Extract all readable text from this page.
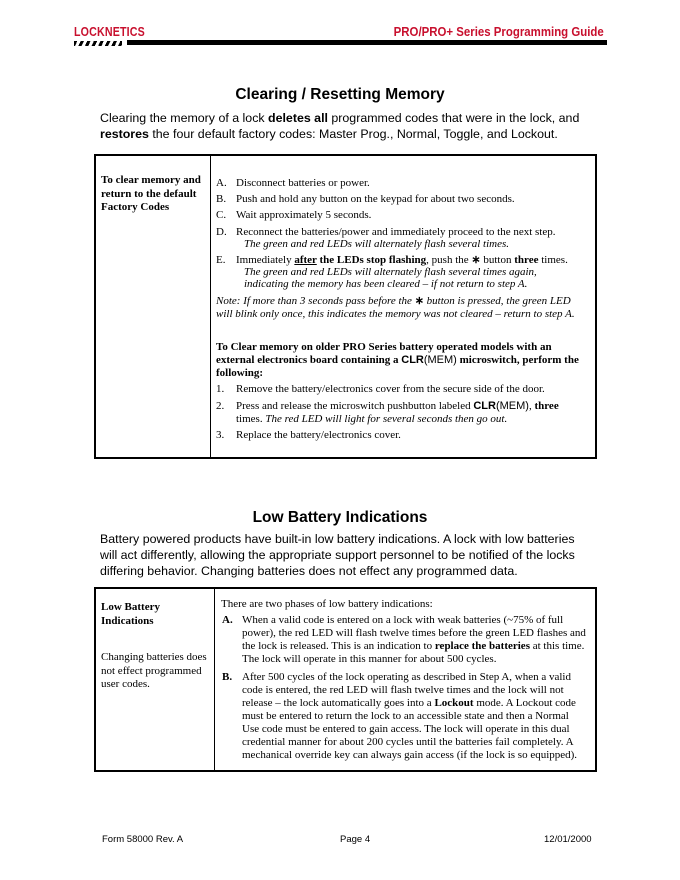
LOCKNETICS	PRO/PRO+ Series Programming Guide
Clearing / Resetting Memory
Clearing the memory of a lock deletes all programmed codes that were in the lock, and
restores the four default factory codes: Master Prog., Normal, Toggle, and Lockout.
To clear memory and
return to the default
Factory Codes
A. Disconnect batteries or power.
B. Push and hold any button on the keypad for about two seconds.
C. Wait approximately 5 seconds.
D. Reconnect the batteries/power and immediately proceed to the next step.
The green and red LEDs will alternately flash several times.
E. Immediately after the LEDs stop flashing, push the ∗ button three times.
The green and red LEDs will alternately flash several times again,
indicating the memory has been cleared – if not return to step A.
Note: If more than 3 seconds pass before the ∗ button is pressed, the green LED
will blink only once, this indicates the memory was not cleared – return to step A.
To Clear memory on older PRO Series battery operated models with an
external electronics board containing a CLR(MEM) microswitch, perform the
following:
1. Remove the battery/electronics cover from the secure side of the door.
2. Press and release the microswitch pushbutton labeled CLR(MEM), three
times. The red LED will light for several seconds then go out.
3. Replace the battery/electronics cover.
Low Battery Indications
Battery powered products have built-in low battery indications. A lock with low batteries
will act differently, allowing the appropriate support personnel to be notified of the locks
differing behavior. Changing batteries does not effect any programmed data.
Low Battery
Indications
Changing batteries does
not effect programmed
user codes.
There are two phases of low battery indications:
A. When a valid code is entered on a lock with weak batteries (~75% of full
power), the red LED will flash twelve times before the green LED flashes and
the lock is released. This is an indication to replace the batteries at this time.
The lock will operate in this manner for about 500 cycles.
B. After 500 cycles of the lock operating as described in Step A, when a valid
code is entered, the red LED will flash twelve times and the lock will not
release – the lock automatically goes into a Lockout mode. A Lockout code
must be entered to return the lock to an accessible state and then a Normal
Use code must be entered to gain access. The lock will operate in this dual
credential manner for about 200 cycles until the batteries fail completely. A
mechanical override key can always gain access (if the lock is so equipped).
Form 58000 Rev. A	Page 4	12/01/2000
